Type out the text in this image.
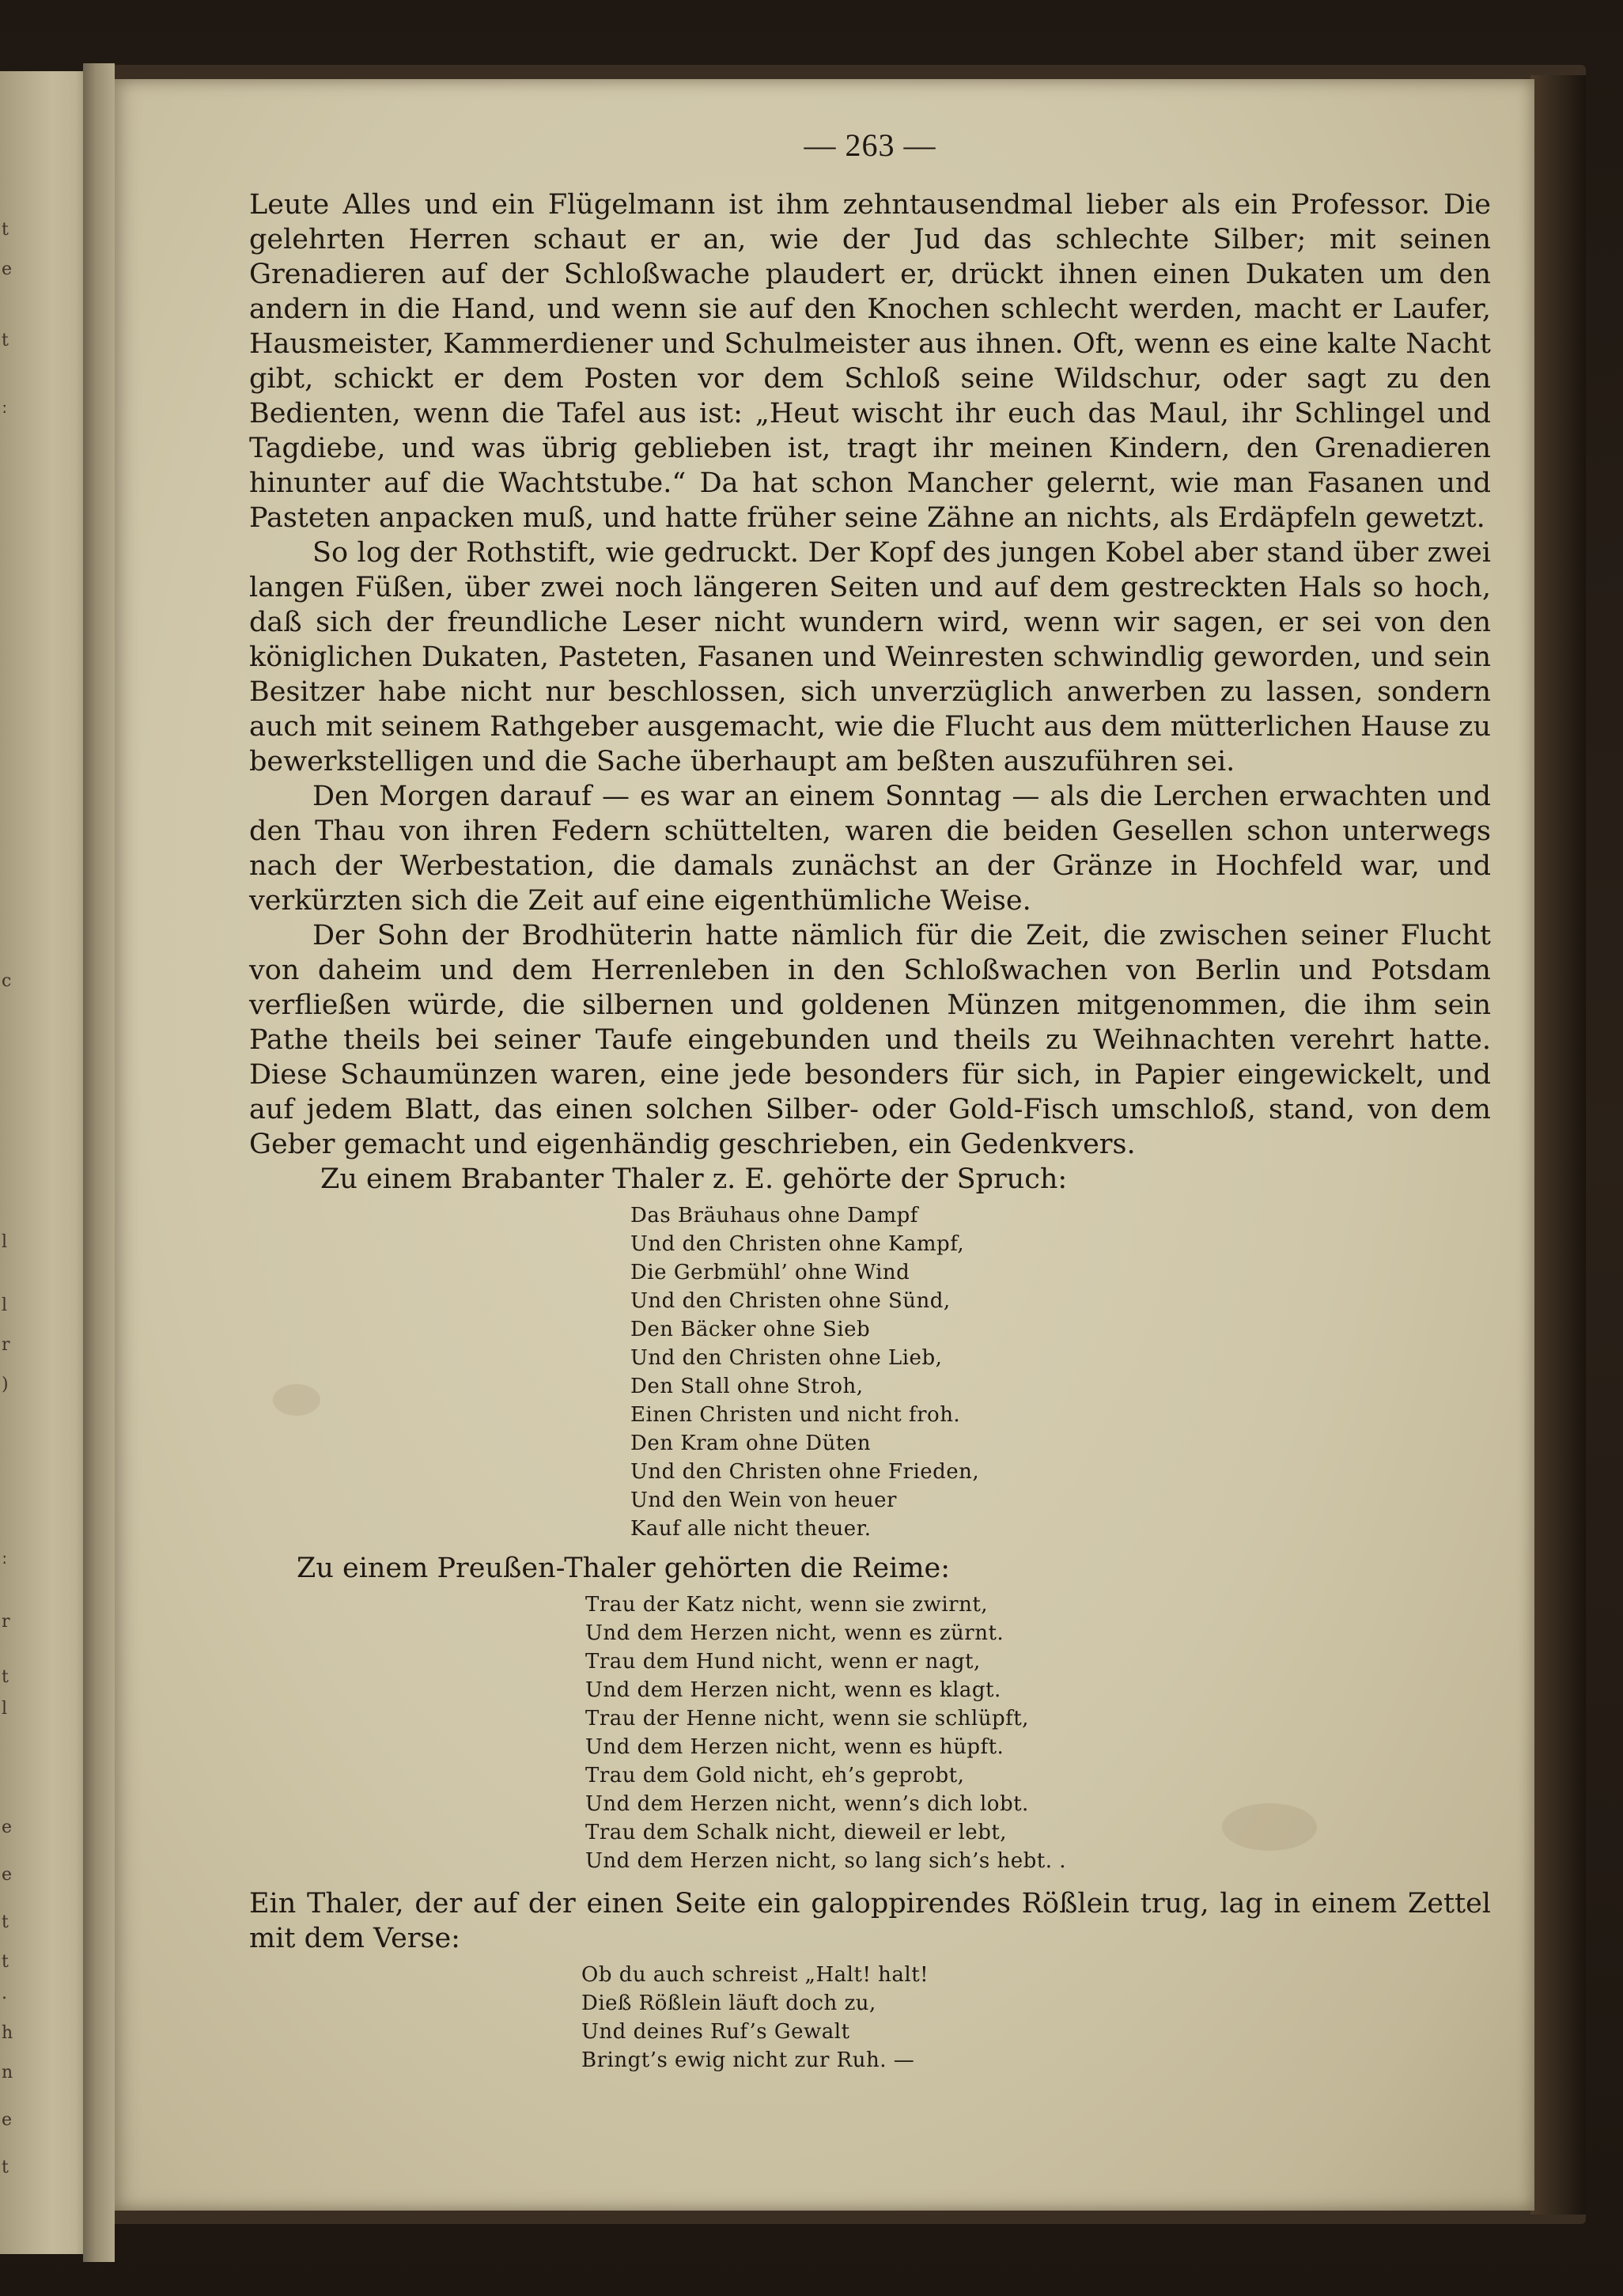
t
e
t
ː
c
l
l
r
)
ː
r
t
l
e
e
t
t
.
h
n
e
t
— 263 —

Leute Alles und ein Flügelmann ist ihm zehntausendmal lieber als ein Professor. Die gelehrten Herren schaut er an, wie der Jud das schlechte Silber; mit seinen Grenadieren auf der Schloßwache plaudert er, drückt ihnen einen Dukaten um den andern in die Hand, und wenn sie auf den Knochen schlecht werden, macht er Laufer, Hausmeister, Kammerdiener und Schulmeister aus ihnen. Oft, wenn es eine kalte Nacht gibt, schickt er dem Posten vor dem Schloß seine Wildschur, oder sagt zu den Bedienten, wenn die Tafel aus ist: „Heut wischt ihr euch das Maul, ihr Schlingel und Tagdiebe, und was übrig geblieben ist, tragt ihr meinen Kindern, den Grenadieren hinunter auf die Wachtstube.“ Da hat schon Mancher gelernt, wie man Fasanen und Pasteten anpacken muß, und hatte früher seine Zähne an nichts, als Erdäpfeln gewetzt.

So log der Rothstift, wie gedruckt. Der Kopf des jungen Kobel aber stand über zwei langen Füßen, über zwei noch längeren Seiten und auf dem gestreckten Hals so hoch, daß sich der freundliche Leser nicht wundern wird, wenn wir sagen, er sei von den königlichen Dukaten, Pasteten, Fasanen und Weinresten schwindlig geworden, und sein Besitzer habe nicht nur beschlossen, sich unverzüglich anwerben zu lassen, sondern auch mit seinem Rathgeber ausgemacht, wie die Flucht aus dem mütterlichen Hause zu bewerkstelligen und die Sache überhaupt am beßten auszuführen sei.

Den Morgen darauf — es war an einem Sonntag — als die Lerchen erwachten und den Thau von ihren Federn schüttelten, waren die beiden Gesellen schon unterwegs nach der Werbestation, die damals zunächst an der Gränze in Hochfeld war, und verkürzten sich die Zeit auf eine eigenthümliche Weise.

Der Sohn der Brodhüterin hatte nämlich für die Zeit, die zwischen seiner Flucht von daheim und dem Herrenleben in den Schloßwachen von Berlin und Potsdam verfließen würde, die silbernen und goldenen Münzen mitgenommen, die ihm sein Pathe theils bei seiner Taufe eingebunden und theils zu Weihnachten verehrt hatte. Diese Schaumünzen waren, eine jede besonders für sich, in Papier eingewickelt, und auf jedem Blatt, das einen solchen Silber- oder Gold-Fisch umschloß, stand, von dem Geber gemacht und eigenhändig geschrieben, ein Gedenkvers.

Zu einem Brabanter Thaler z. E. gehörte der Spruch:

Das Bräuhaus ohne Dampf
Und den Christen ohne Kampf,
Die Gerbmühl’ ohne Wind
Und den Christen ohne Sünd,
Den Bäcker ohne Sieb
Und den Christen ohne Lieb,
Den Stall ohne Stroh,
Einen Christen und nicht froh.
Den Kram ohne Düten
Und den Christen ohne Frieden,
Und den Wein von heuer
Kauf alle nicht theuer.

Zu einem Preußen-Thaler gehörten die Reime:

Trau der Katz nicht, wenn sie zwirnt,
Und dem Herzen nicht, wenn es zürnt.
Trau dem Hund nicht, wenn er nagt,
Und dem Herzen nicht, wenn es klagt.
Trau der Henne nicht, wenn sie schlüpft,
Und dem Herzen nicht, wenn es hüpft.
Trau dem Gold nicht, eh’s geprobt,
Und dem Herzen nicht, wenn’s dich lobt.
Trau dem Schalk nicht, dieweil er lebt,
Und dem Herzen nicht, so lang sich’s hebt. .

Ein Thaler, der auf der einen Seite ein galoppirendes Rößlein trug, lag in einem Zettel mit dem Verse:

Ob du auch schreist „Halt! halt!
Dieß Rößlein läuft doch zu,
Und deines Ruf’s Gewalt
Bringt’s ewig nicht zur Ruh. —
